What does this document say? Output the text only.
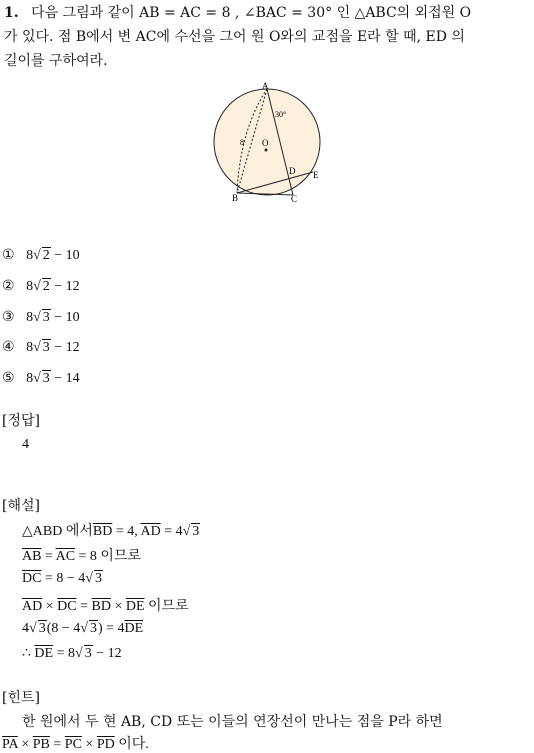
1. 다음 그림과 같이 AB = AC = 8 , ∠BAC = 30° 인 △ABC의 외접원 O
가 있다. 점 B에서 변 AC에 수선을 그어 원 O와의 교점을 E라 할 때, ED 의
길이를 구하여라.
A
B	C
D E
O
30°
8
① 8√ 2 − 10
② 8√ 2 − 12
③ 8√ 3 − 10
④ 8√ 3 − 12
⑤ 8√ 3 − 14
[정답]
4
[해설]
△ABD 에서$\overline{BD} = 4$, $\overline{AD} = 4√$ 3
$\overline{AB} = \overline{AC} = 8$ 이므로
$\overline{DC} = 8 - 4√$ 3
$\overline{AD} \times \overline{DC} = \overline{BD} \times \overline{DE}$ 이므로
4√ 3(8 − 4√ $3) = 4\overline{DE}$
∴ $\overline{DE} = 8√$ 3 − 12
[힌트]
한 원에서 두 현 AB, CD 또는 이들의 연장선이 만나는 점을 P라 하면
$\overline{PA} \times \overline{PB} = \overline{PC} \times \overline{PD}$ 이다.
